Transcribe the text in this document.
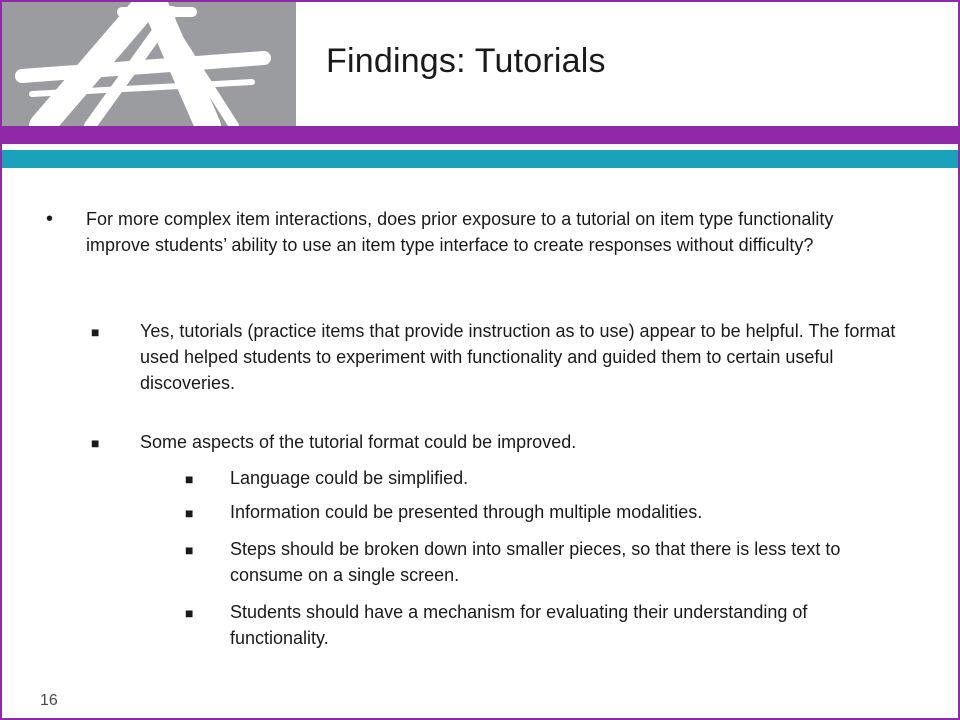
Findings: Tutorials
• For more complex item interactions, does prior exposure to a tutorial on item type functionality improve students’ ability to use an item type interface to create responses without difficulty?

■ Yes, tutorials (practice items that provide instruction as to use) appear to be helpful. The format used helped students to experiment with functionality and guided them to certain useful discoveries.

■ Some aspects of the tutorial format could be improved.

■ Language could be simplified.

■ Information could be presented through multiple modalities.

■ Steps should be broken down into smaller pieces, so that there is less text to consume on a single screen.

■ Students should have a mechanism for evaluating their understanding of functionality.

16
